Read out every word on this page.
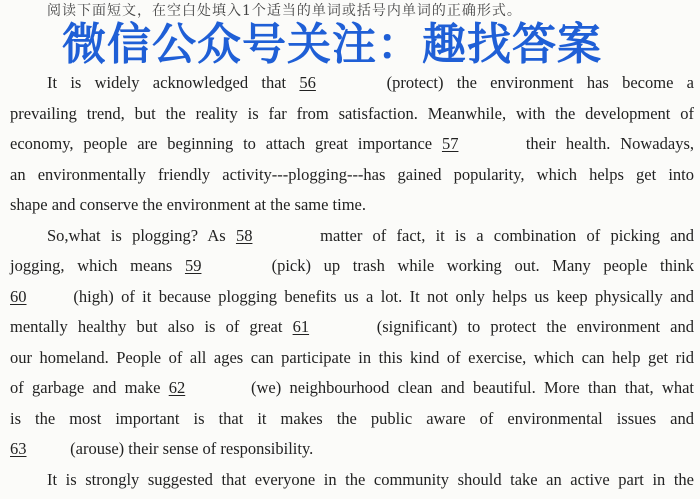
阅读下面短文，在空白处填入1个适当的单词或括号内单词的正确形式。
微信公众号关注：趣找答案
It is widely acknowledged that 56	(protect) the environment has become a
prevailing trend, but the reality is far from satisfaction. Meanwhile, with the development of
economy, people are beginning to attach great importance 57	their health. Nowadays,
an environmentally friendly activity---plogging---has gained popularity, which helps get into
shape and conserve the environment at the same time.
So,what is plogging? As 58	matter of fact, it is a combination of picking and
jogging, which means 59	(pick) up trash while working out. Many people think
60 (high) of it because plogging benefits us a lot. It not only helps us keep physically and
mentally healthy but also is of great 61	(significant) to protect the environment and
our homeland. People of all ages can participate in this kind of exercise, which can help get rid
of garbage and make 62	(we) neighbourhood clean and beautiful. More than that, what
is the most important is that it makes the public aware of environmental issues and
63 (arouse) their sense of responsibility.
It is strongly suggested that everyone in the community should take an active part in the
